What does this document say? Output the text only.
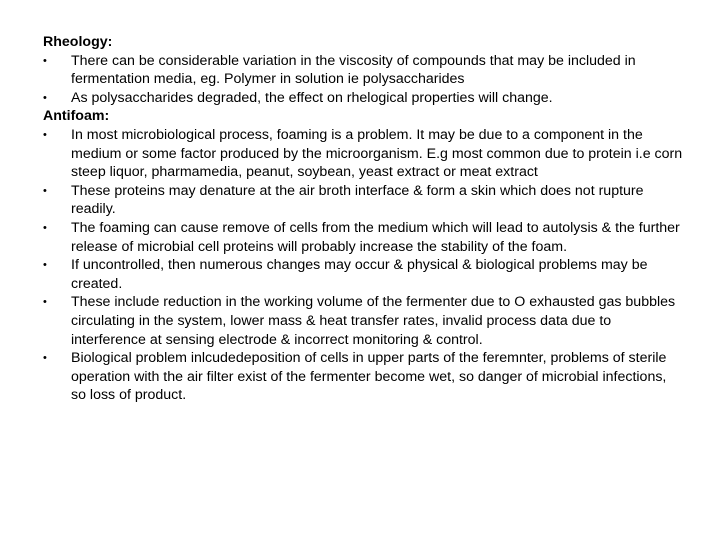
Rheology:

•	There can be considerable variation in the viscosity of compounds that may be included in fermentation media, eg. Polymer in solution ie polysaccharides
•	As polysaccharides degraded, the effect on rhelogical properties will change.

Antifoam:

•	In most microbiological process, foaming is a problem. It may be due to a component in the medium or some factor produced by the microorganism. E.g most common due to protein i.e corn steep liquor, pharmamedia, peanut, soybean, yeast extract or meat extract
•	These proteins may denature at the air broth interface & form a skin which does not rupture readily.
•	The foaming can cause remove of cells from the medium which will lead to autolysis & the further release of microbial cell proteins will probably increase the stability of the foam.
•	If uncontrolled, then numerous changes may occur & physical & biological problems may be created.
•	These include reduction in the working volume of the fermenter due to O exhausted gas bubbles circulating in the system, lower mass & heat transfer rates, invalid process data due to interference at sensing electrode & incorrect monitoring & control.
•	Biological problem inlcudedeposition of cells in upper parts of the feremnter, problems of sterile operation with the air filter exist of the fermenter become wet, so danger of microbial infections, so loss of product.
